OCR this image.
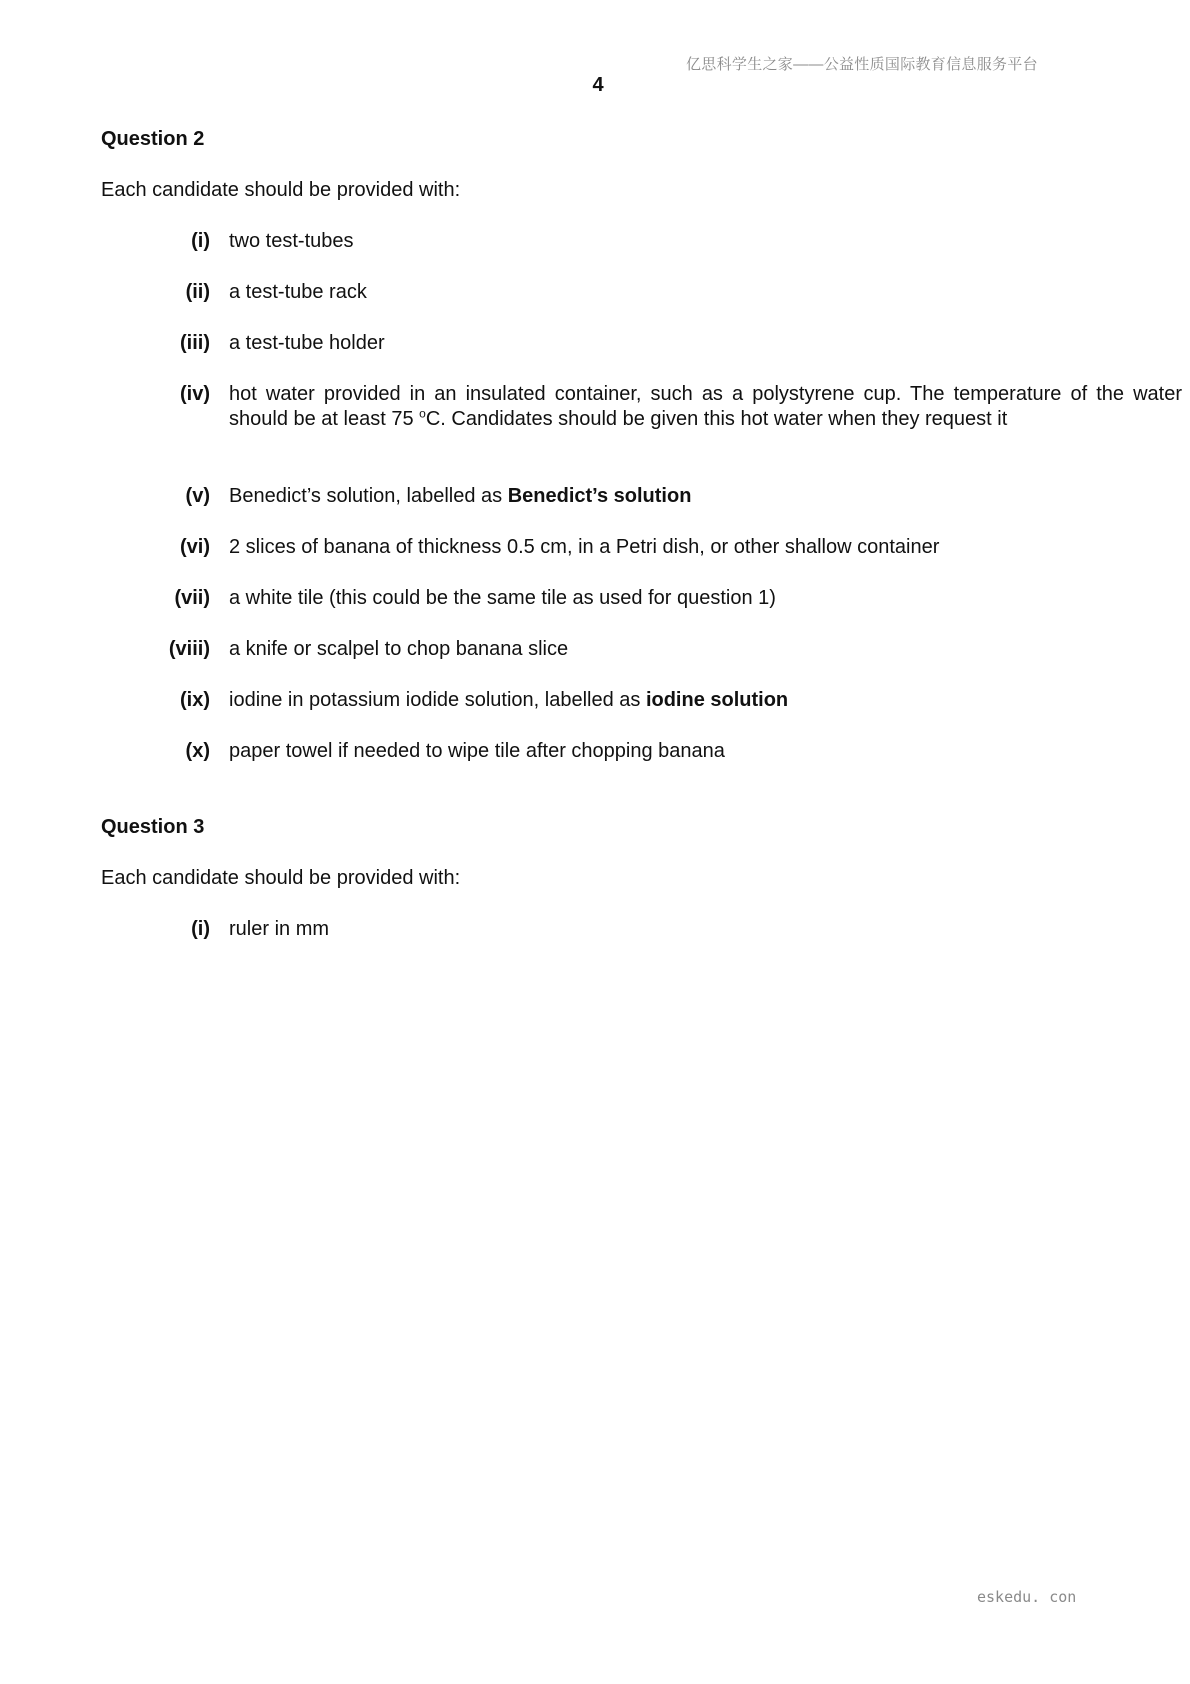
亿思科学生之家——公益性质国际教育信息服务平台
4
Question 2
Each candidate should be provided with:
(i) two test-tubes
(ii) a test-tube rack
(iii) a test-tube holder
(iv) hot water provided in an insulated container, such as a polystyrene cup. The temperature of the water should be at least 75 $^o$C. Candidates should be given this hot water when they request it
(v) Benedict’s solution, labelled as Benedict’s solution
(vi) 2 slices of banana of thickness 0.5 cm, in a Petri dish, or other shallow container
(vii) a white tile (this could be the same tile as used for question 1)
(viii) a knife or scalpel to chop banana slice
(ix) iodine in potassium iodide solution, labelled as iodine solution
(x) paper towel if needed to wipe tile after chopping banana
Question 3
Each candidate should be provided with:
(i) ruler in mm
eskedu. con
